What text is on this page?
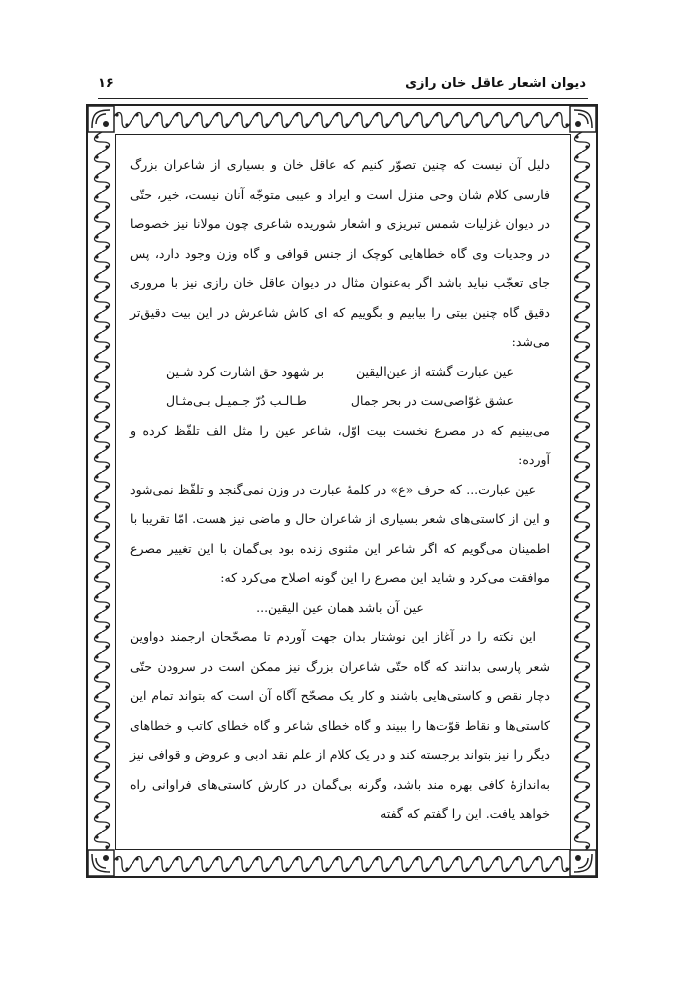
دیوان اشعار عاقل خان رازی
۱۶

دلیل آن نیست که چنین تصوّر کنیم که عاقل خان و بسیاری از شاعران بزرگ فارسی کلام شان وحی منزل است و ایراد و عیبی متوجّه آنان نیست، خیر، حتّی در دیوان غزلیات شمس تبریزی و اشعار شوریده شاعری چون مولانا نیز خصوصا در وجدیات وی گاه خطاهایی کوچک از جنس قوافی و گاه وزن وجود دارد، پس جای تعجّب نباید باشد اگر به‌عنوان مثال در دیوان عاقل خان رازی نیز با مروری دقیق گاه چنین بیتی را بیابیم و بگوییم که ای کاش شاعرش در این بیت دقیق‌تر می‌شد:

عین عبارت گشته از عین‌الیقین
بر شهود حق اشارت کرد شـین
عشق غوّاصی‌ست در بحر جمال
طـالـب دُرّ جـمیـل بـی‌مثـال

می‌بینیم که در مصرع نخست بیت اوّل، شاعر عین را مثل الف تلفّظ کرده و آورده:

عین عبارت... که حرف «ع» در کلمۀ عبارت در وزن نمی‌گنجد و تلفّظ نمی‌شود و این از کاستی‌های شعر بسیاری از شاعران حال و ماضی نیز هست. امّا تقریبا با اطمینان می‌گویم که اگر شاعر این مثنوی زنده بود بی‌گمان با این تغییر مصرع موافقت می‌کرد و شاید این مصرع را این گونه اصلاح می‌کرد که:

عین آن باشد همان عین الیقین...

این نکته را در آغاز این نوشتار بدان جهت آوردم تا مصحّحان ارجمند دواوین شعر پارسی بدانند که گاه حتّی شاعران بزرگ نیز ممکن است در سرودن حتّی دچار نقص و کاستی‌هایی باشند و کار یک مصحّح آگاه آن است که بتواند تمام این کاستی‌ها و نقاط قوّت‌ها را ببیند و گاه خطای شاعر و گاه خطای کاتب و خطاهای دیگر را نیز بتواند برجسته کند و در یک کلام از علم نقد ادبی و عروض و قوافی نیز به‌اندازۀ کافی بهره مند باشد، وگرنه بی‌گمان در کارش کاستی‌های فراوانی راه خواهد یافت. این را گفتم که گفته
